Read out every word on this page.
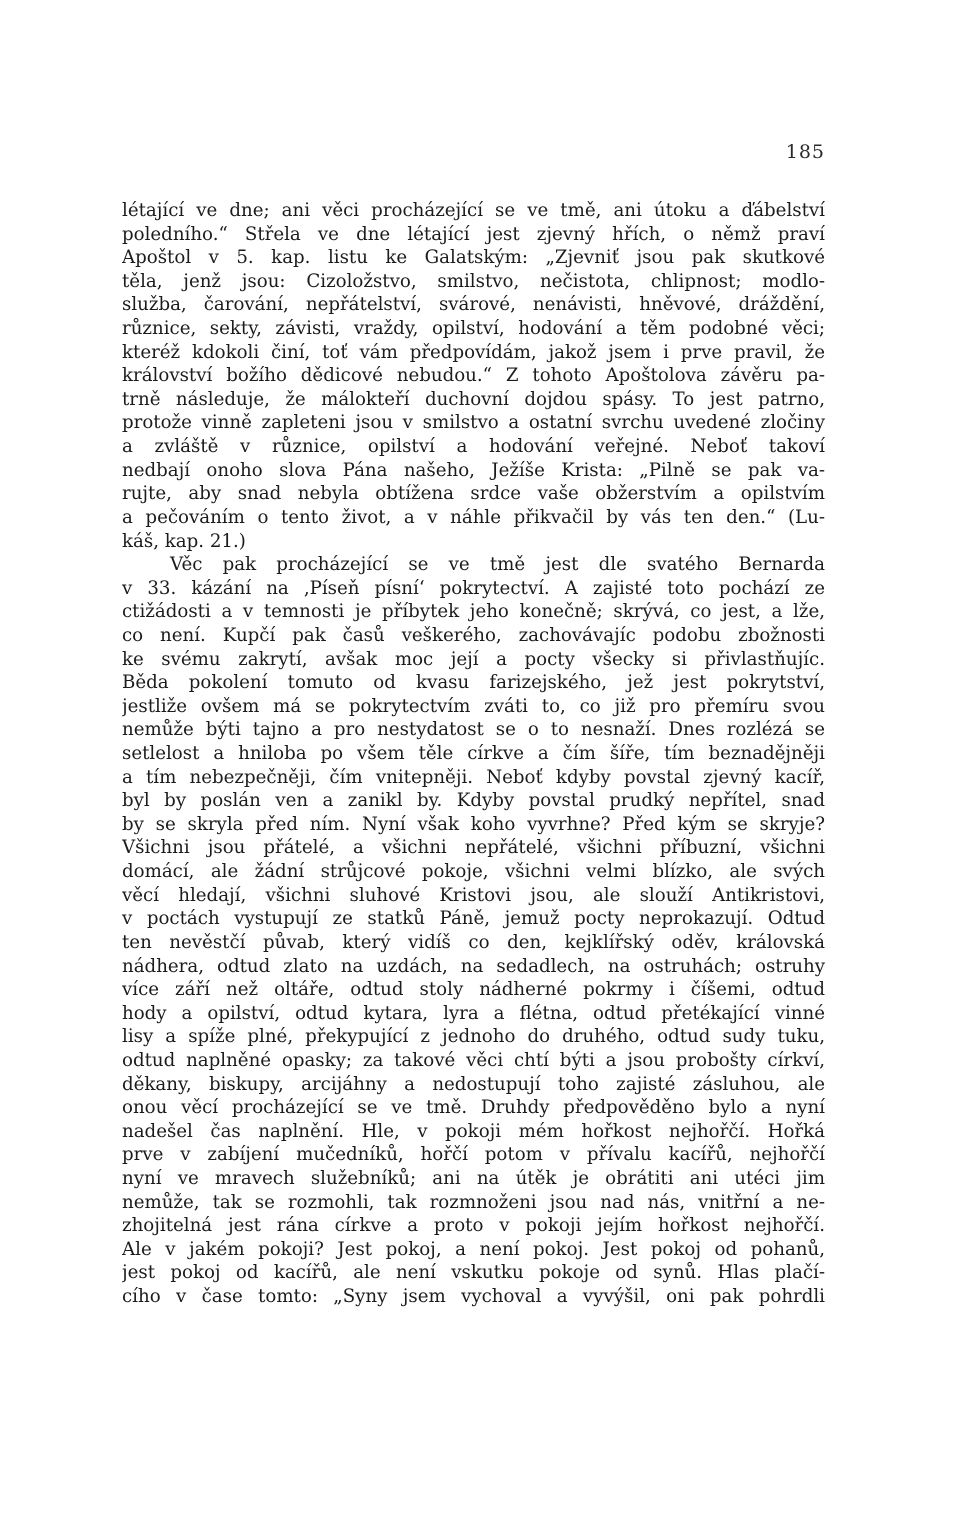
185
létající ve dne; ani věci procházející se ve tmě, ani útoku a ďábelství
poledního.“ Střela ve dne létající jest zjevný hřích, o němž praví
Apoštol v 5. kap. listu ke Galatským: „Zjevniť jsou pak skutkové
těla, jenž jsou: Cizoložstvo, smilstvo, nečistota, chlipnost; modlo-
služba, čarování, nepřátelství, svárové, nenávisti, hněvové, dráždění,
různice, sekty, závisti, vraždy, opilství, hodování a těm podobné věci;
kteréž kdokoli činí, toť vám předpovídám, jakož jsem i prve pravil, že
království božího dědicové nebudou.“ Z tohoto Apoštolova závěru pa-
trně následuje, že málokteří duchovní dojdou spásy. To jest patrno,
protože vinně zapleteni jsou v smilstvo a ostatní svrchu uvedené zločiny
a zvláště v různice, opilství a hodování veřejné. Neboť takoví
nedbají onoho slova Pána našeho, Ježíše Krista: „Pilně se pak va-
rujte, aby snad nebyla obtížena srdce vaše obžerstvím a opilstvím
a pečováním o tento život, a v náhle přikvačil by vás ten den.“ (Lu-
káš, kap. 21.)
Věc pak procházející se ve tmě jest dle svatého Bernarda
v 33. kázání na ‚Píseň písní‘ pokrytectví. A zajisté toto pochází ze
ctižádosti a v temnosti je příbytek jeho konečně; skrývá, co jest, a lže,
co není. Kupčí pak časů veškerého, zachovávajíc podobu zbožnosti
ke svému zakrytí, avšak moc její a pocty všecky si přivlastňujíc.
Běda pokolení tomuto od kvasu farizejského, jež jest pokrytství,
jestliže ovšem má se pokrytectvím zváti to, co již pro přemíru svou
nemůže býti tajno a pro nestydatost se o to nesnaží. Dnes rozlézá se
setlelost a hniloba po všem těle církve a čím šíře, tím beznadějněji
a tím nebezpečněji, čím vnitерněji. Neboť kdyby povstal zjevný kacíř,
byl by poslán ven a zanikl by. Kdyby povstal prudký nepřítel, snad
by se skryla před ním. Nyní však koho vyvrhne? Před kým se skryje?
Všichni jsou přátelé, a všichni nepřátelé, všichni příbuzní, všichni
domácí, ale žádní strůjcové pokoje, všichni velmi blízko, ale svých
věcí hledají, všichni sluhové Kristovi jsou, ale slouží Antikristovi,
v poctách vystupují ze statků Páně, jemuž pocty neprokazují. Odtud
ten nevěstčí půvab, který vidíš co den, kejklířský oděv, královská
nádhera, odtud zlato na uzdách, na sedadlech, na ostruhách; ostruhy
více září než oltáře, odtud stoly nádherné pokrmy i číšemi, odtud
hody a opilství, odtud kytara, lyra a flétna, odtud přetékající vinné
lisy a spíže plné, překypující z jednoho do druhého, odtud sudy tuku,
odtud naplněné opasky; za takové věci chtí býti a jsou probošty církví,
děkany, biskupy, arcijáhny a nedostupují toho zajisté zásluhou, ale
onou věcí procházející se ve tmě. Druhdy předpověděno bylo a nyní
nadešel čas naplnění. Hle, v pokoji mém hořkost nejhořčí. Hořká
prve v zabíjení mučedníků, hořčí potom v přívalu kacířů, nejhořčí
nyní ve mravech služebníků; ani na útěk je obrátiti ani utéci jim
nemůže, tak se rozmohli, tak rozmnoženi jsou nad nás, vnitřní a ne-
zhojitelná jest rána církve a proto v pokoji jejím hořkost nejhořčí.
Ale v jakém pokoji? Jest pokoj, a není pokoj. Jest pokoj od pohanů,
jest pokoj od kacířů, ale není vskutku pokoje od synů. Hlas plačí-
cího v čase tomto: „Syny jsem vychoval a vyvýšil, oni pak pohrdli
